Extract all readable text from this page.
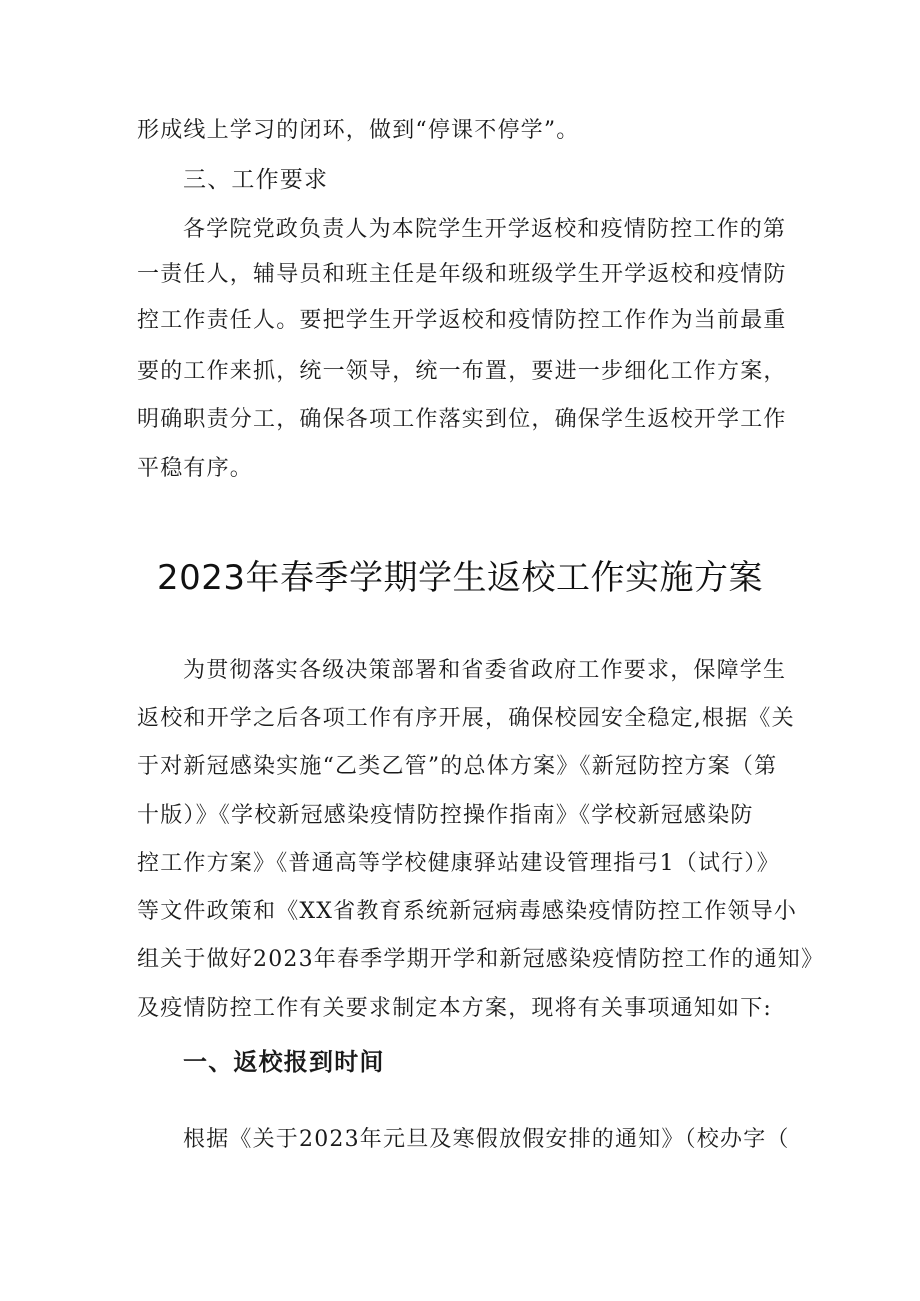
形成线上学习的闭环，做到“停课不停学”。
三、工作要求
各学院党政负责人为本院学生开学返校和疫情防控工作的第
一责任人，辅导员和班主任是年级和班级学生开学返校和疫情防
控工作责任人。要把学生开学返校和疫情防控工作作为当前最重
要的工作来抓，统一领导，统一布置，要进一步细化工作方案，
明确职责分工，确保各项工作落实到位，确保学生返校开学工作
平稳有序。
2023年春季学期学生返校工作实施方案
为贯彻落实各级决策部署和省委省政府工作要求，保障学生
返校和开学之后各项工作有序开展，确保校园安全稳定,根据《关
于对新冠感染实施“乙类乙管”的总体方案》《新冠防控方案（第
十版）》《学校新冠感染疫情防控操作指南》《学校新冠感染防
控工作方案》《普通高等学校健康驿站建设管理指弓1（试行）》
等文件政策和《XX省教育系统新冠病毒感染疫情防控工作领导小
组关于做好2023年春季学期开学和新冠感染疫情防控工作的通知》
及疫情防控工作有关要求制定本方案，现将有关事项通知如下:
一、返校报到时间
根据《关于2023年元旦及寒假放假安排的通知》（校办字（
